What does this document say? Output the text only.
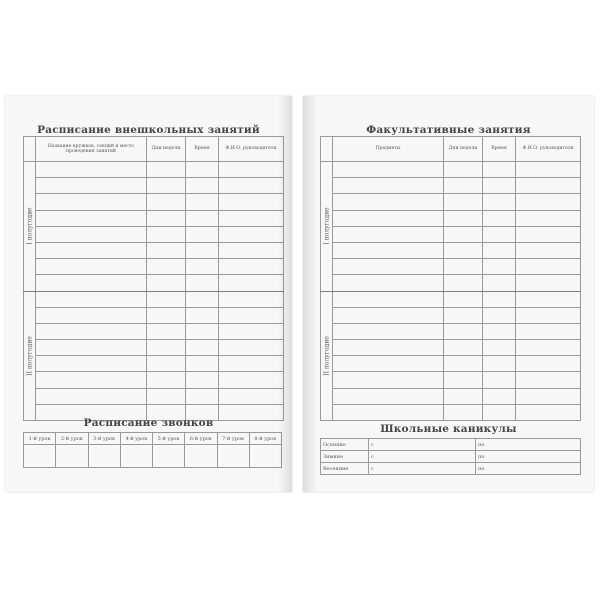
Расписание внешкольных занятий
	Название кружков, секций и место проведения занятий	Дни недели	Время	Ф.И.О. руководителя

I полугодие				

II полугодие				

Расписание звонков
1-й урок	2-й урок	3-й урок	4-й урок	5-й урок	6-й урок	7-й урок	8-й урок

Факультативные занятия
	Предметы	Дни недели	Время	Ф.И.О. руководителя

I полугодие				

II полугодие				

Школьные каникулы
Осенние	с	по
Зимние	с	по
Весенние	с	по
